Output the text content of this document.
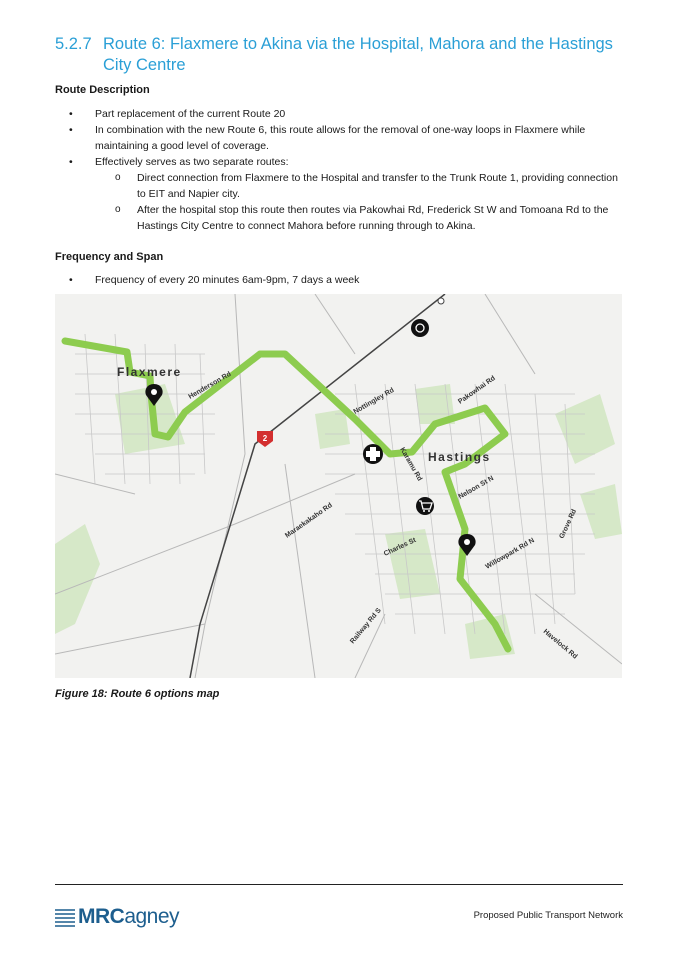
5.2.7 Route 6: Flaxmere to Akina via the Hospital, Mahora and the Hastings City Centre
Route Description
• Part replacement of the current Route 20
• In combination with the new Route 6, this route allows for the removal of one-way loops in Flaxmere while maintaining a good level of coverage.
• Effectively serves as two separate routes:
o Direct connection from Flaxmere to the Hospital and transfer to the Trunk Route 1, providing connection to EIT and Napier city.
o After the hospital stop this route then routes via Pakowhai Rd, Frederick St W and Tomoana Rd to the Hastings City Centre to connect Mahora before running through to Akina.
Frequency and Span
• Frequency of every 20 minutes 6am-9pm, 7 days a week
Flaxmere
Hastings
Henderson Rd
Nottingley Rd	Pakowhai Rd
Karamu Rd
Nelson St N
Willowpark Rd N
Grove Rd
Havelock Rd
Railway Rd S
Charles St
Maraekakaho Rd
2
Figure 18: Route 6 options map
MRC agney	Proposed Public Transport Network
